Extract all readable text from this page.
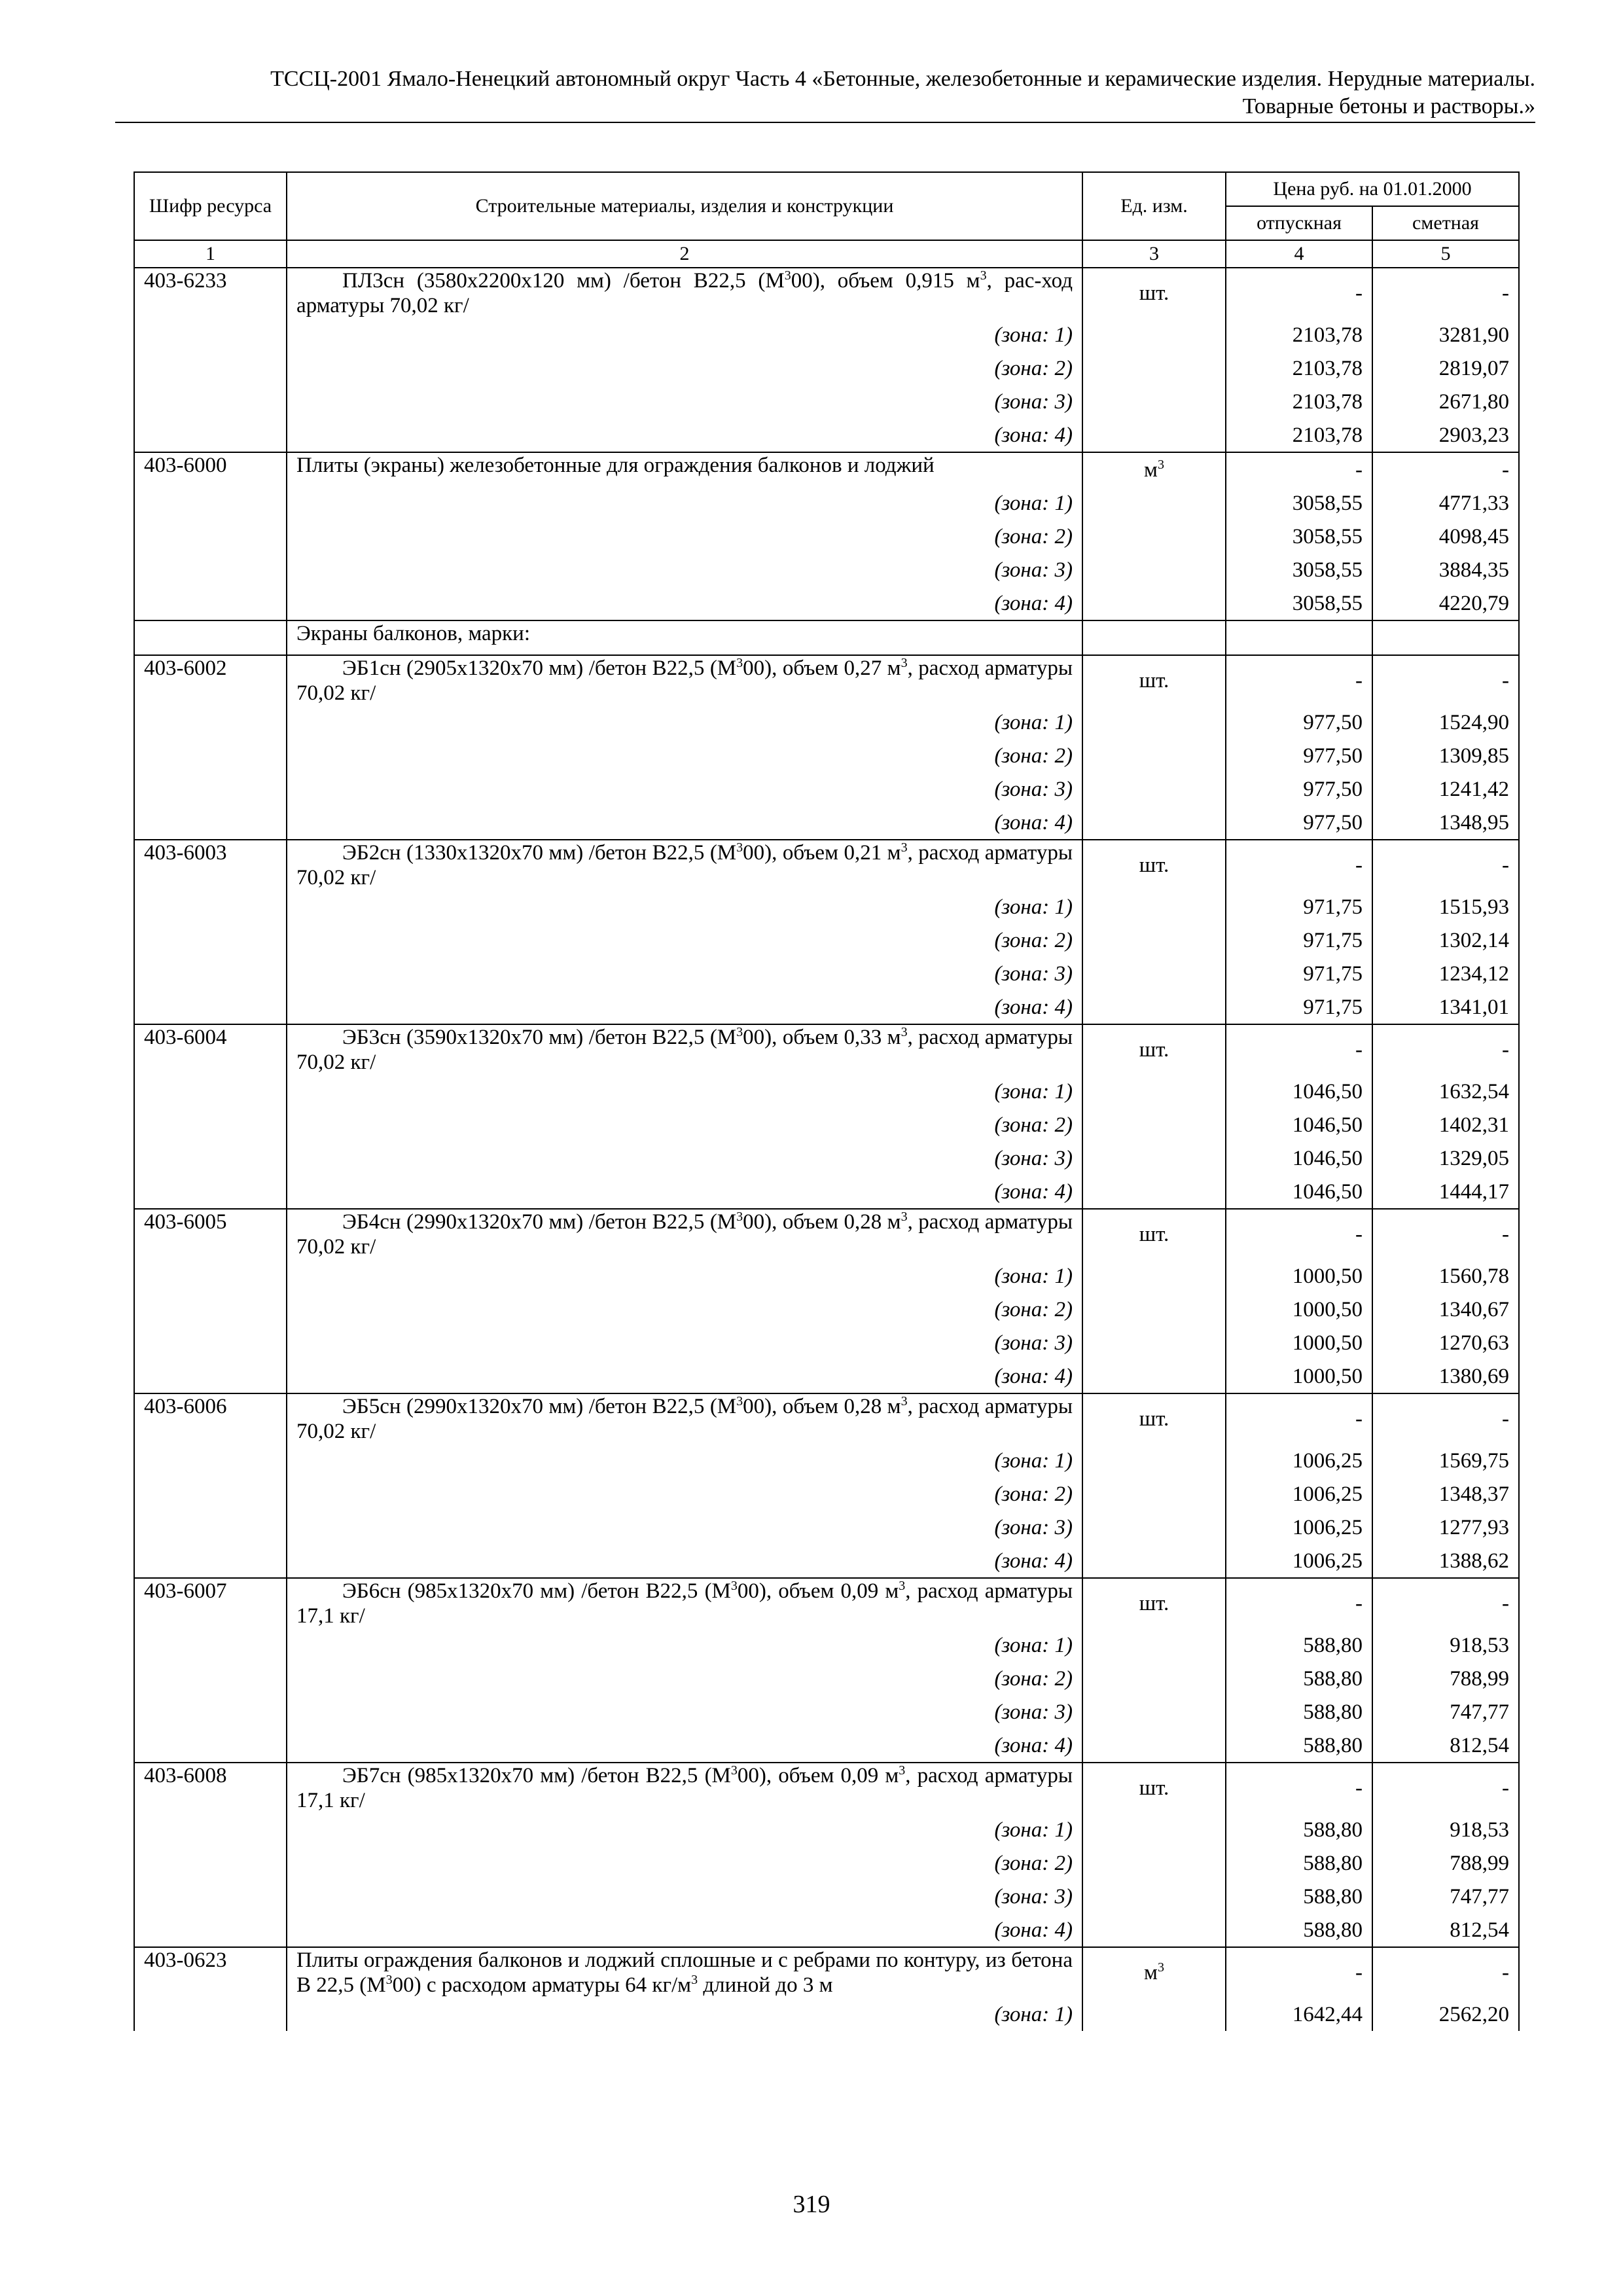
ТССЦ-2001 Ямало-Ненецкий автономный округ Часть 4 «Бетонные, железобетонные и керамические изделия. Нерудные материалы.
Товарные бетоны и растворы.»
Шифр ресурса	Строительные материалы, изделия и конструкции	Ед. изм.	Цена руб. на 01.01.2000	
			отпускная	сметная
1	2	3	4	5
403-6233	ПЛ3сн (3580х2200х120 мм) /бетон В22,5 $(М^300)$, объем 0,915 $м^3$, рас-ход арматуры 70,02 кг/	шт.	-	-
	(зона: 1)		2103,78	3281,90
	(зона: 2)		2103,78	2819,07
	(зона: 3)		2103,78	2671,80
	(зона: 4)		2103,78	2903,23
403-6000	Плиты (экраны) железобетонные для ограждения балконов и лоджий	$м^3$	-	-
	(зона: 1)		3058,55	4771,33
	(зона: 2)		3058,55	4098,45
	(зона: 3)		3058,55	3884,35
	(зона: 4)		3058,55	4220,79
	Экраны балконов, марки:			
403-6002	ЭБ1сн (2905х1320х70 мм) /бетон В22,5 $(М^300)$, объем 0,27 $м^3$, расход арматуры 70,02 кг/	шт.	-	-
	(зона: 1)		977,50	1524,90
	(зона: 2)		977,50	1309,85
	(зона: 3)		977,50	1241,42
	(зона: 4)		977,50	1348,95
403-6003	ЭБ2сн (1330х1320х70 мм) /бетон В22,5 $(М^300)$, объем 0,21 $м^3$, расход арматуры 70,02 кг/	шт.	-	-
	(зона: 1)		971,75	1515,93
	(зона: 2)		971,75	1302,14
	(зона: 3)		971,75	1234,12
	(зона: 4)		971,75	1341,01
403-6004	ЭБ3сн (3590х1320х70 мм) /бетон В22,5 $(М^300)$, объем 0,33 $м^3$, расход арматуры 70,02 кг/	шт.	-	-
	(зона: 1)		1046,50	1632,54
	(зона: 2)		1046,50	1402,31
	(зона: 3)		1046,50	1329,05
	(зона: 4)		1046,50	1444,17
403-6005	ЭБ4сн (2990х1320х70 мм) /бетон В22,5 $(М^300)$, объем 0,28 $м^3$, расход арматуры 70,02 кг/	шт.	-	-
	(зона: 1)		1000,50	1560,78
	(зона: 2)		1000,50	1340,67
	(зона: 3)		1000,50	1270,63
	(зона: 4)		1000,50	1380,69
403-6006	ЭБ5сн (2990х1320х70 мм) /бетон В22,5 $(М^300)$, объем 0,28 $м^3$, расход арматуры 70,02 кг/	шт.	-	-
	(зона: 1)		1006,25	1569,75
	(зона: 2)		1006,25	1348,37
	(зона: 3)		1006,25	1277,93
	(зона: 4)		1006,25	1388,62
403-6007	ЭБ6сн (985х1320х70 мм) /бетон В22,5 $(М^300)$, объем 0,09 $м^3$, расход арматуры 17,1 кг/	шт.	-	-
	(зона: 1)		588,80	918,53
	(зона: 2)		588,80	788,99
	(зона: 3)		588,80	747,77
	(зона: 4)		588,80	812,54
403-6008	ЭБ7сн (985х1320х70 мм) /бетон В22,5 $(М^300)$, объем 0,09 $м^3$, расход арматуры 17,1 кг/	шт.	-	-
	(зона: 1)		588,80	918,53
	(зона: 2)		588,80	788,99
	(зона: 3)		588,80	747,77
	(зона: 4)		588,80	812,54
403-0623	Плиты ограждения балконов и лоджий сплошные и с ребрами по контуру, из бетона В 22,5 $(М^300)$ с расходом арматуры 64 $кг/м^3$ длиной до 3 м	$м^3$	-	-
	(зона: 1)		1642,44	2562,20
319
